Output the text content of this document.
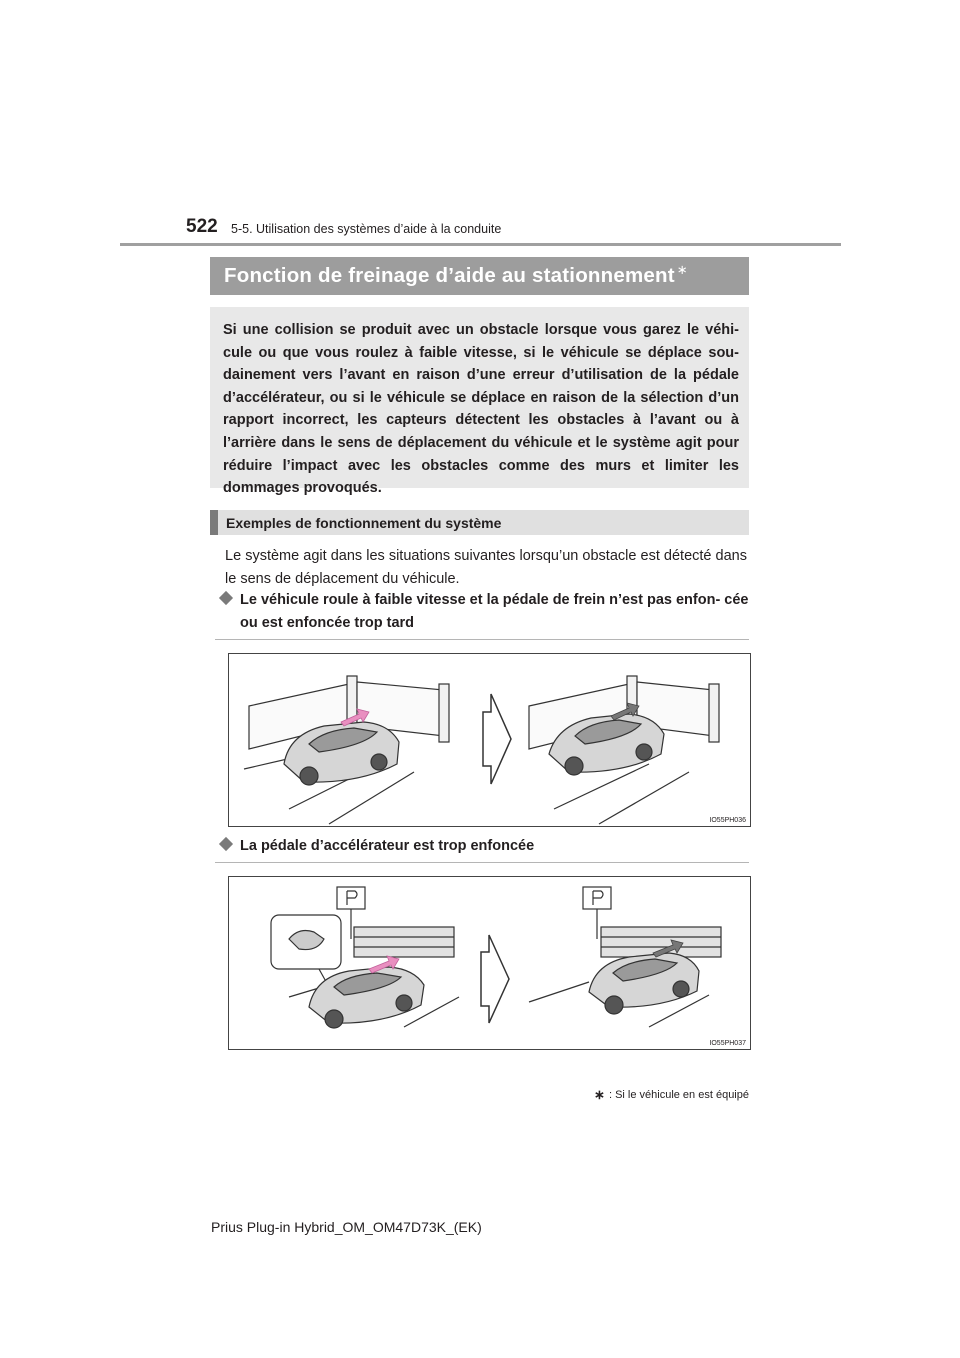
522 5-5. Utilisation des systèmes d’aide à la conduite
Fonction de freinage d’aide au stationnement ∗

Si une collision se produit avec un obstacle lorsque vous garez le véhi- cule ou que vous roulez à faible vitesse, si le véhicule se déplace sou- dainement vers l’avant en raison d’une erreur d’utilisation de la pédale d’accélérateur, ou si le véhicule se déplace en raison de la sélection d’un rapport incorrect, les capteurs détectent les obstacles à l’avant ou à l’arrière dans le sens de déplacement du véhicule et le système agit pour réduire l’impact avec les obstacles comme des murs et limiter les dommages provoqués.

Exemples de fonctionnement du système

Le système agit dans les situations suivantes lorsqu’un obstacle est détecté dans le sens de déplacement du véhicule.

Le véhicule roule à faible vitesse et la pédale de frein n’est pas enfon- cée ou est enfoncée trop tard
IO55PH036
La pédale d’accélérateur est trop enfoncée
IO55PH037
∗ : Si le véhicule en est équipé
Prius Plug-in Hybrid_OM_OM47D73K_(EK)
